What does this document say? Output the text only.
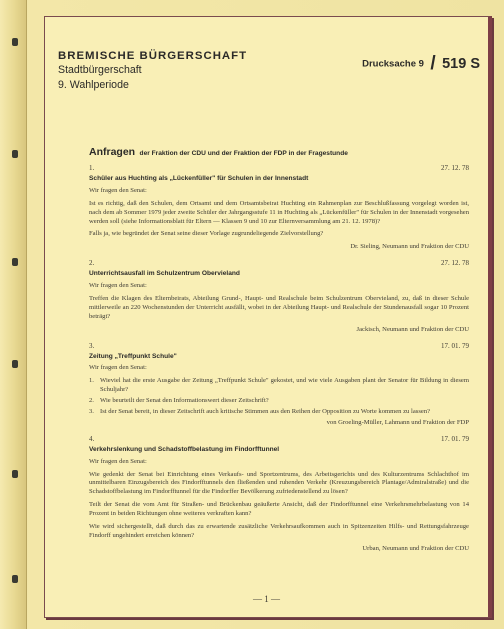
BREMISCHE BÜRGERSCHAFT
Stadtbürgerschaft
9. Wahlperiode
Drucksache 9 / 519 S
Anfragen der Fraktion der CDU und der Fraktion der FDP in der Fragestunde
1.	27. 12. 78
Schüler aus Huchting als „Lückenfüller" für Schulen in der Innenstadt

Wir fragen den Senat:

Ist es richtig, daß den Schulen, dem Ortsamt und dem Ortsamtsbeirat Huchting ein Rahmenplan zur Beschlußfassung vorgelegt worden ist, nach dem ab Sommer 1979 jeder zweite Schüler der Jahrgangsstufe 11 in Huchting als „Lückenfüller" für Schulen in der Innenstadt vorgesehen werden soll (siehe Informationsblatt für Eltern — Klassen 9 und 10 zur Elternversammlung am 21. 12. 1978)?

Falls ja, wie begründet der Senat seine dieser Vorlage zugrundeliegende Zielvorstellung?

Dr. Sieling, Neumann und Fraktion der CDU
2.	27. 12. 78
Unterrichtsausfall im Schulzentrum Obervieland

Wir fragen den Senat:

Treffen die Klagen des Elternbeirats, Abteilung Grund-, Haupt- und Realschule beim Schulzentrum Obervieland, zu, daß in dieser Schule mittlerweile an 220 Wochenstunden der Unterricht ausfällt, wobei in der Abteilung Haupt- und Realschule der Stundenausfall sogar 10 Prozent beträgt?

Jackisch, Neumann und Fraktion der CDU
3.	17. 01. 79
Zeitung „Treffpunkt Schule"

Wir fragen den Senat:

1. Wieviel hat die erste Ausgabe der Zeitung „Treffpunkt Schule" gekostet, und wie viele Ausgaben plant der Senator für Bildung in diesem Schuljahr?
2. Wie beurteilt der Senat den Informationswert dieser Zeitschrift?
3. Ist der Senat bereit, in dieser Zeitschrift auch kritische Stimmen aus den Reihen der Opposition zu Worte kommen zu lassen?
von Groeling-Müller, Lahmann und Fraktion der FDP
4.	17. 01. 79
Verkehrslenkung und Schadstoffbelastung im Findorfftunnel

Wir fragen den Senat:

Wie gedenkt der Senat bei Einrichtung eines Verkaufs- und Sportzentrums, des Arbeitsgerichts und des Kulturzentrums Schlachthof im unmittelbaren Einzugsbereich des Findorfftunnels den fließenden und ruhenden Verkehr (Kreuzungsbereich Plantage/Admiralstraße) und die Schadstoffbelastung im Findorfftunnel für die Findorffer Bevölkerung zufriedenstellend zu lösen?

Teilt der Senat die vom Amt für Straßen- und Brückenbau geäußerte Ansicht, daß der Findorfftunnel eine Verkehrsmehrbelastung von 14 Prozent in beiden Richtungen ohne weiteres verkraften kann?

Wie wird sichergestellt, daß durch das zu erwartende zusätzliche Verkehrsaufkommen auch in Spitzenzeiten Hilfs- und Rettungsfahrzeuge Findorff ungehindert erreichen können?

Urban, Neumann und Fraktion der CDU
— 1 —
